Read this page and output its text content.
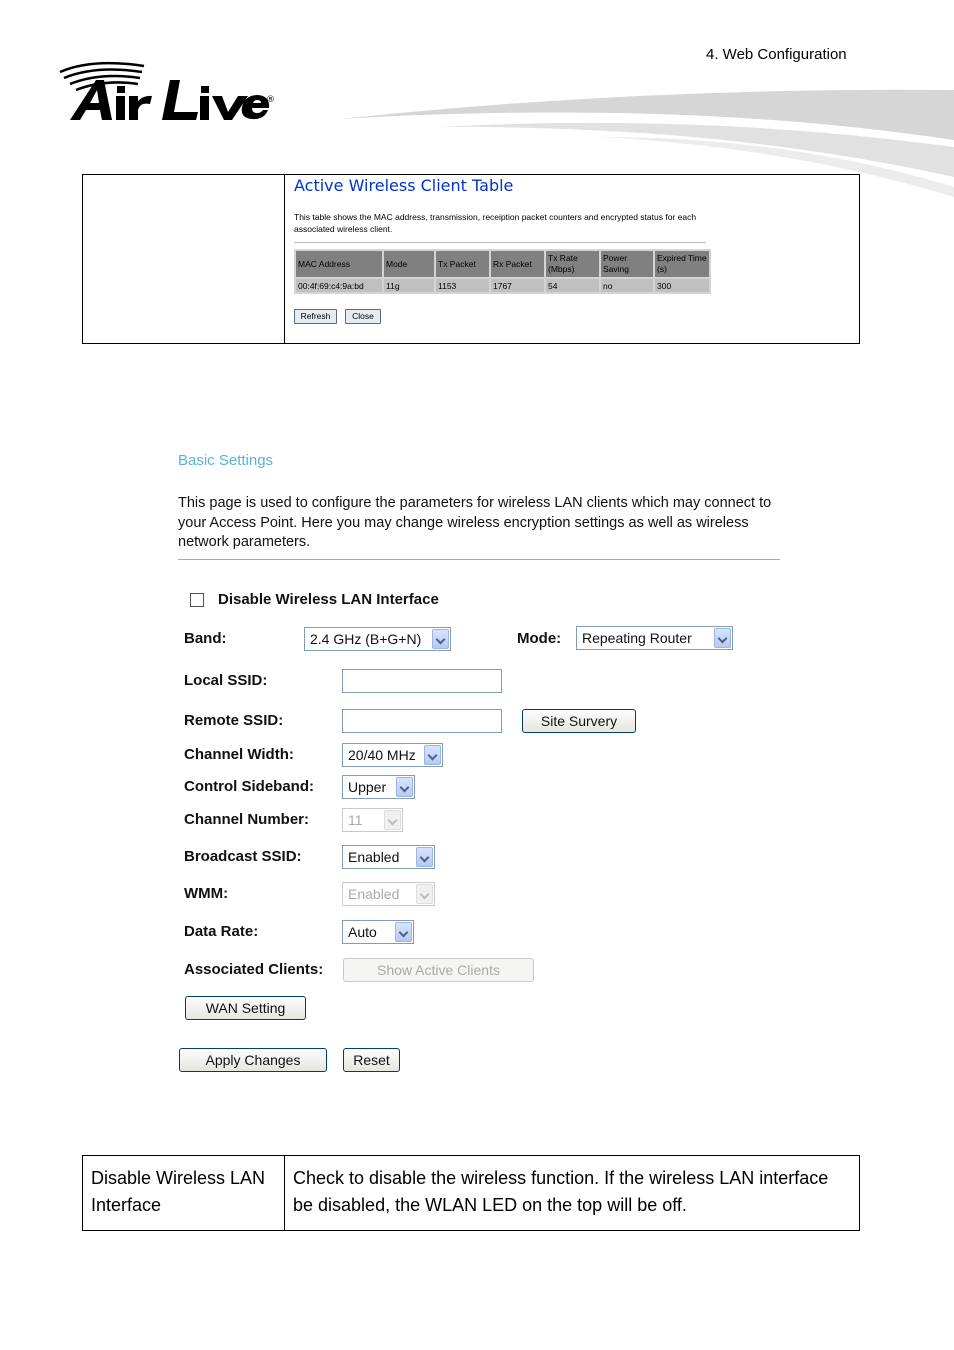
4. Web Configuration
®
Active Wireless Client Table
This table shows the MAC address, transmission, receiption packet counters and encrypted status for each associated wireless client.
MAC Address	Mode	Tx Packet	Rx Packet	Tx Rate (Mbps)	Power Saving	Expired Time (s)
00:4f:69:c4:9a:bd	11g	1153	1767	54	no	300
Refresh	Close
Basic Settings
This page is used to configure the parameters for wireless LAN clients which may connect to your Access Point. Here you may change wireless encryption settings as well as wireless network parameters.
Disable Wireless LAN Interface
Band:	2.4 GHz (B+G+N)	Mode:	Repeating Router
Local SSID:
Remote SSID:	Site Survery
Channel Width:	20/40 MHz
Control Sideband:	Upper
Channel Number:	11
Broadcast SSID:	Enabled
WMM:	Enabled
Data Rate:	Auto
Associated Clients:	Show Active Clients
WAN Setting
Apply Changes	Reset
Disable Wireless LAN Interface
Check to disable the wireless function. If the wireless LAN interface be disabled, the WLAN LED on the top will be off.
